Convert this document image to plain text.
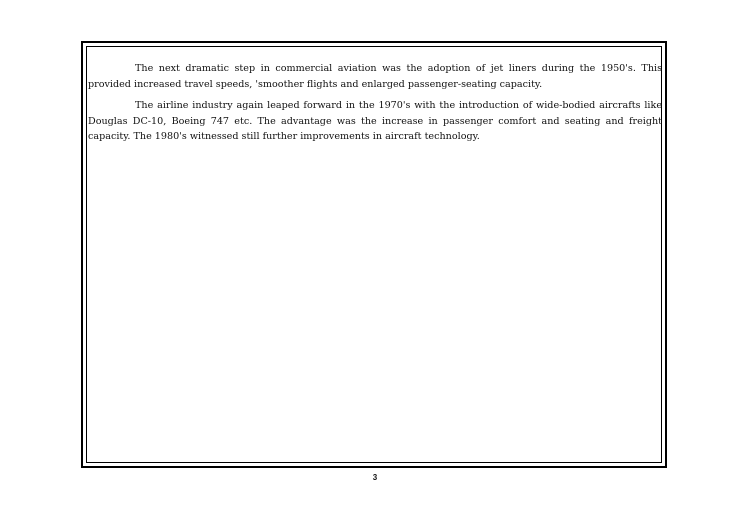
The next dramatic step in commercial aviation was the adoption of jet liners during the 1950's. This provided increased travel speeds, 'smoother flights and enlarged passenger-seating capacity.

The airline industry again leaped forward in the 1970's with the introduction of wide-bodied aircrafts like Douglas DC-10, Boeing 747 etc. The advantage was the increase in passenger comfort and seating and freight capacity. The 1980's witnessed still further improvements in aircraft technology.

3
